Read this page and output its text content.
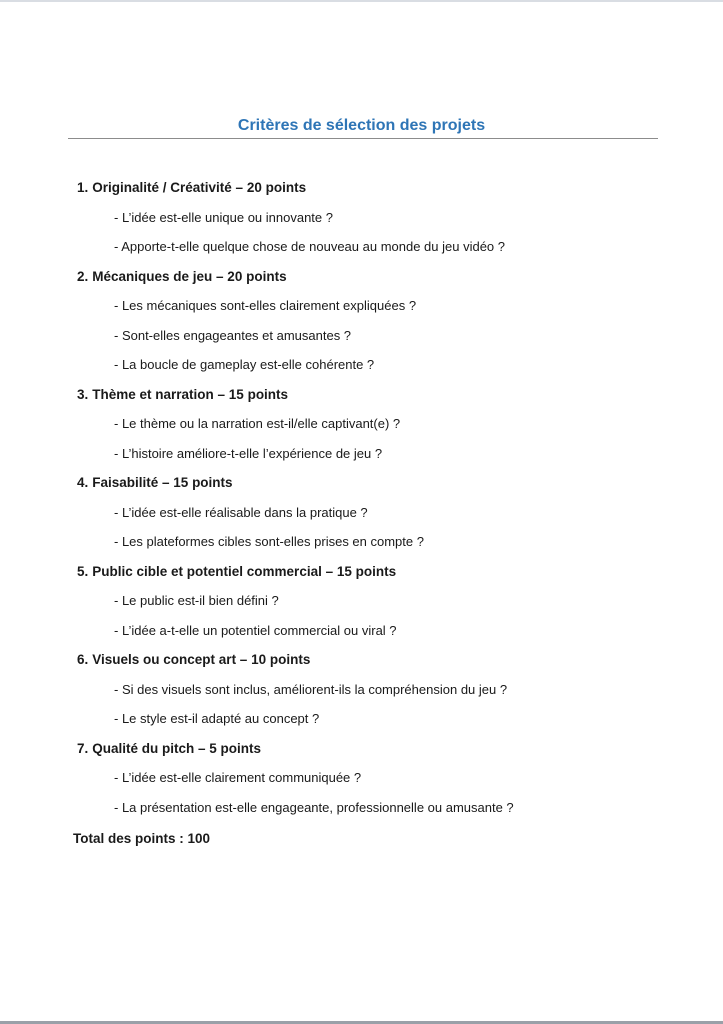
Critères de sélection des projets
1. Originalité / Créativité – 20 points
- L’idée est-elle unique ou innovante ?
- Apporte-t-elle quelque chose de nouveau au monde du jeu vidéo ?
2. Mécaniques de jeu – 20 points
- Les mécaniques sont-elles clairement expliquées ?
- Sont-elles engageantes et amusantes ?
- La boucle de gameplay est-elle cohérente ?
3. Thème et narration – 15 points
- Le thème ou la narration est-il/elle captivant(e) ?
- L’histoire améliore-t-elle l’expérience de jeu ?
4. Faisabilité – 15 points
- L’idée est-elle réalisable dans la pratique ?
- Les plateformes cibles sont-elles prises en compte ?
5. Public cible et potentiel commercial – 15 points
- Le public est-il bien défini ?
- L’idée a-t-elle un potentiel commercial ou viral ?
6. Visuels ou concept art – 10 points
- Si des visuels sont inclus, améliorent-ils la compréhension du jeu ?
- Le style est-il adapté au concept ?
7. Qualité du pitch – 5 points
- L’idée est-elle clairement communiquée ?
- La présentation est-elle engageante, professionnelle ou amusante ?
Total des points : 100
